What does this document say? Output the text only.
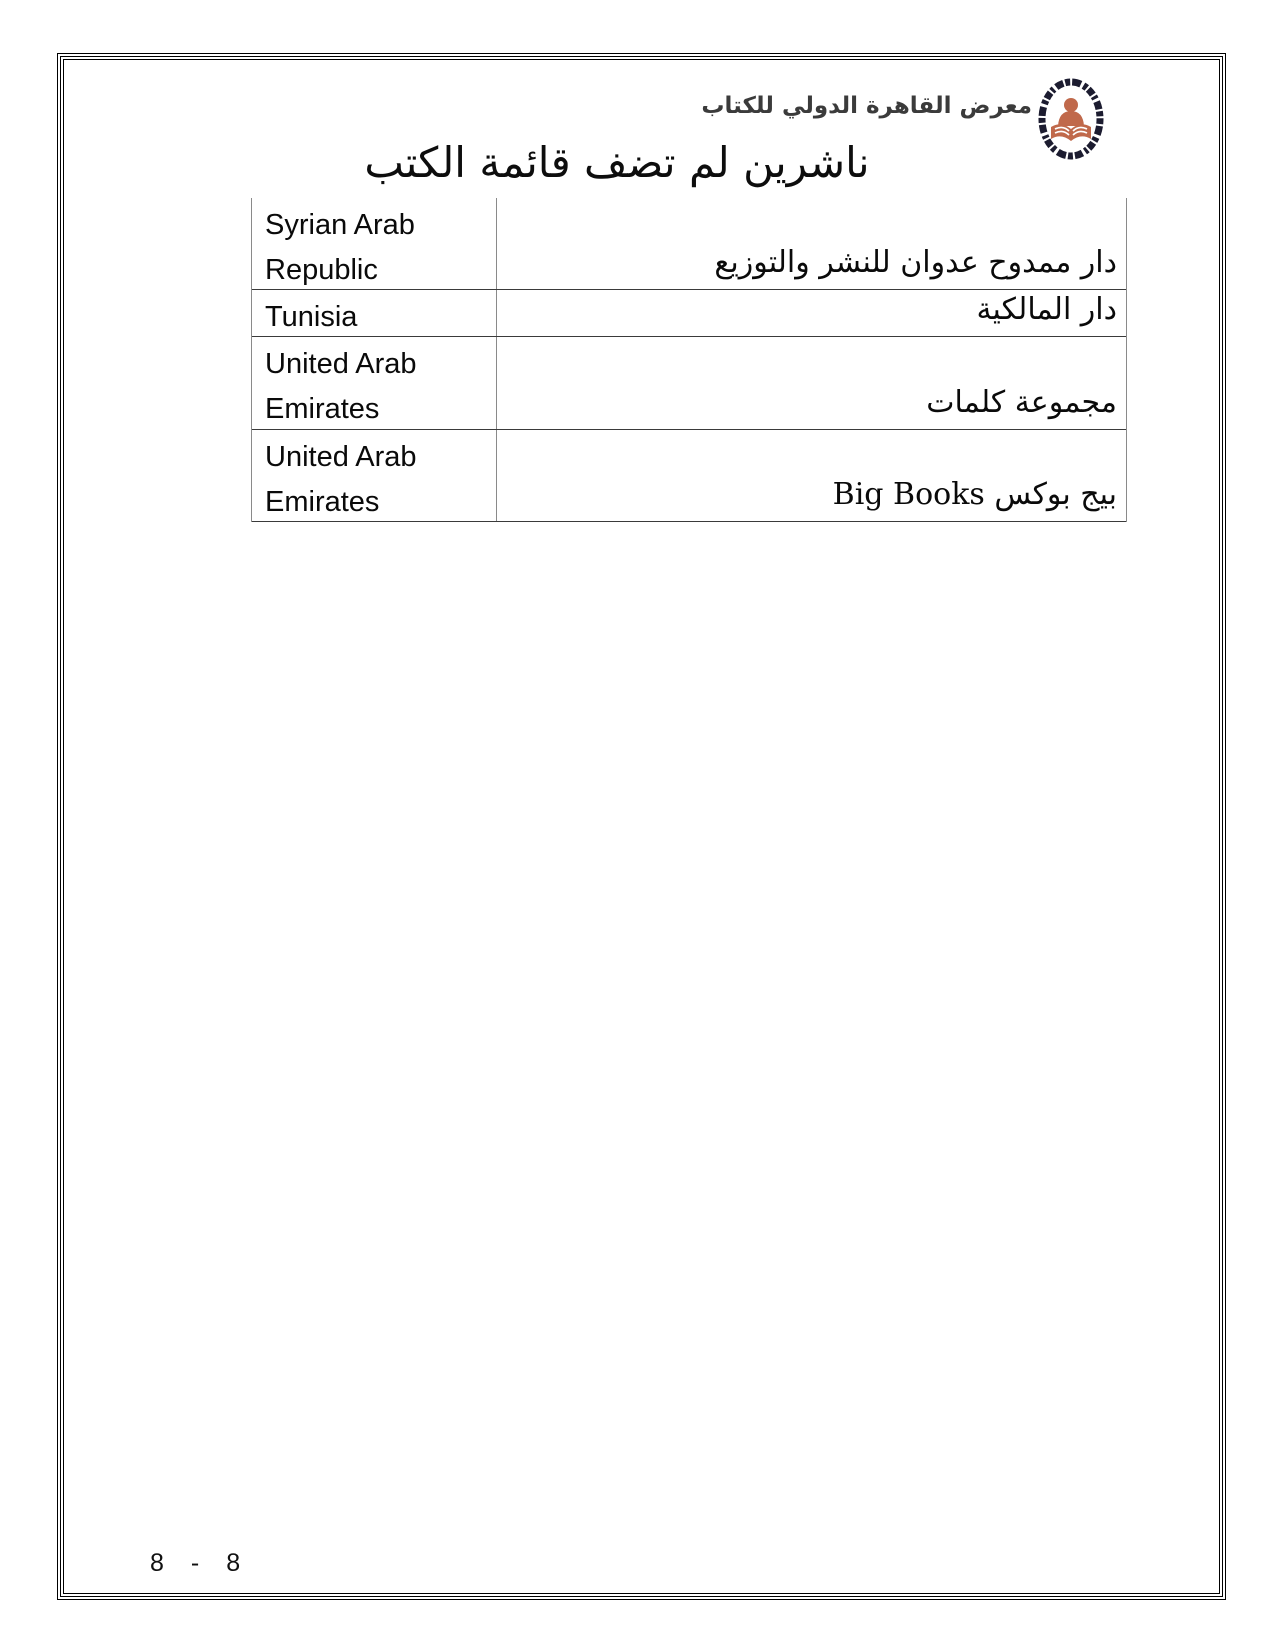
معرض القاهرة الدولي للكتاب
ناشرين لم تضف قائمة الكتب
Syrian Arab Republic	دار ممدوح عدوان للنشر والتوزيع
Tunisia	دار المالكية
United Arab Emirates	مجموعة كلمات
United Arab Emirates	بيج بوكس Big Books
8 - 8
